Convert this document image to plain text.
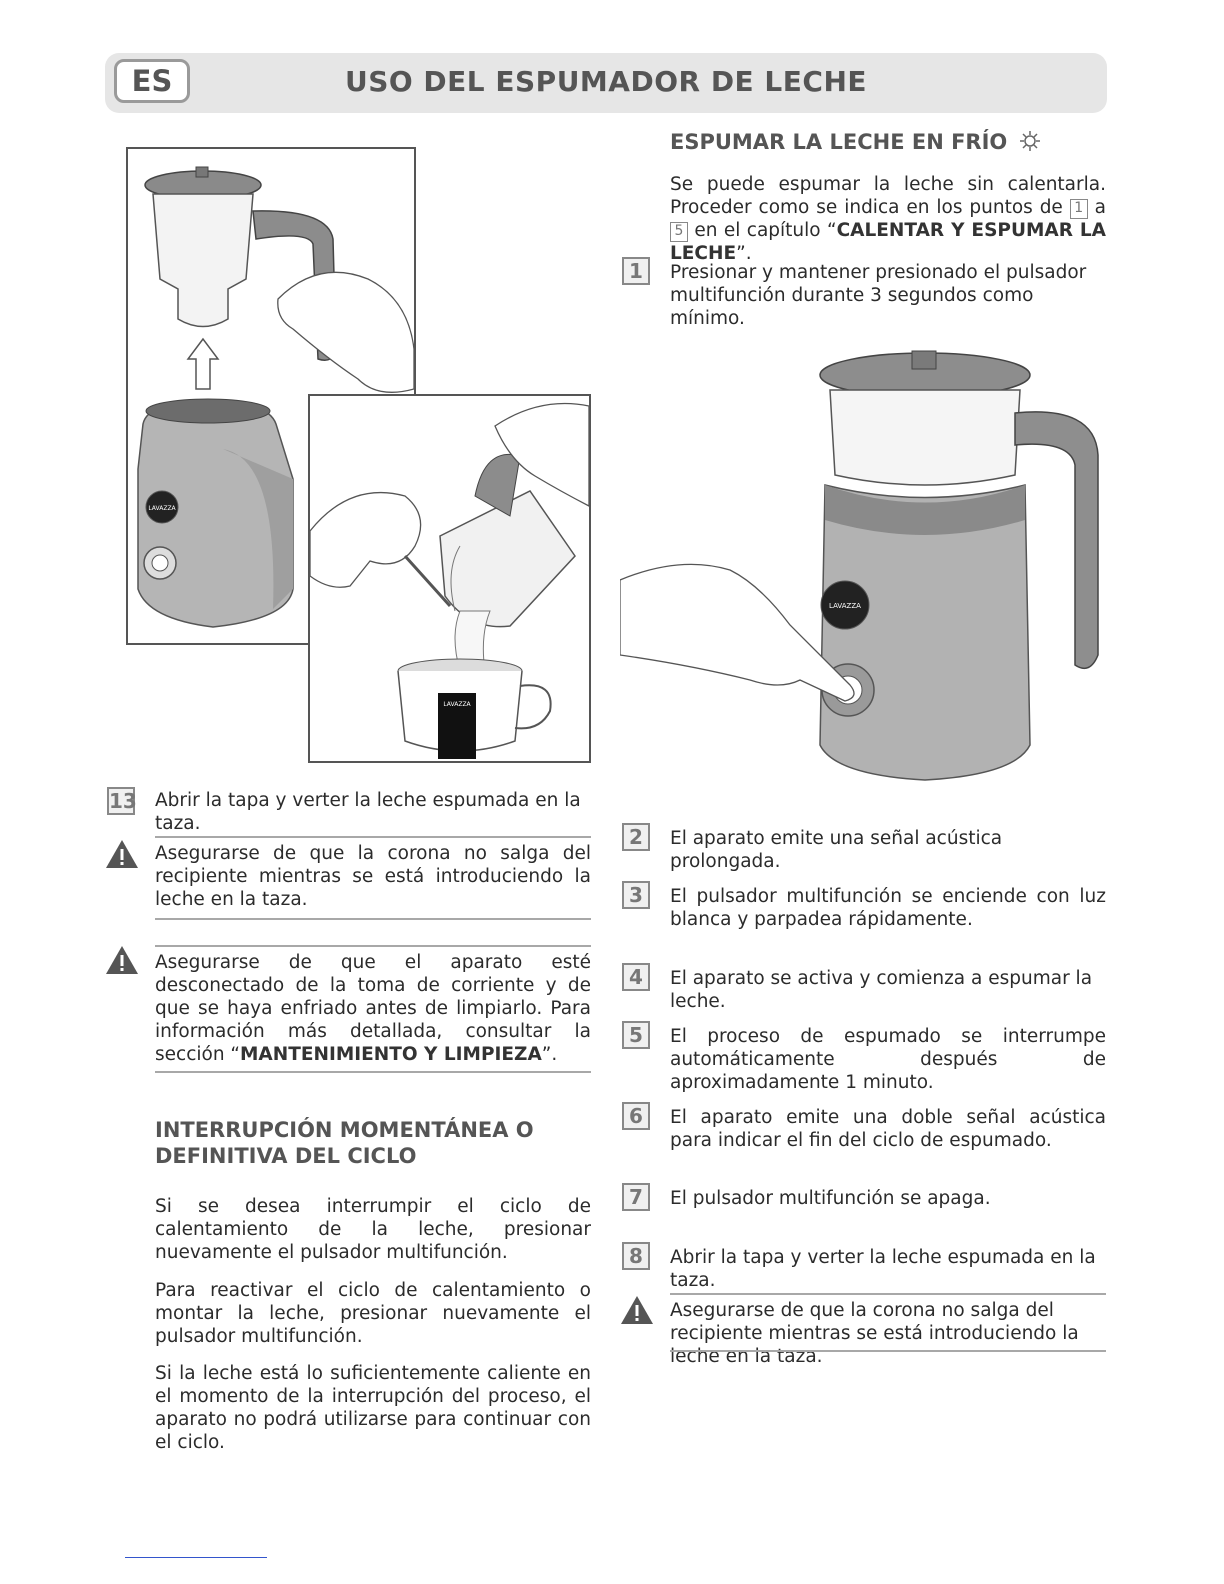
ES	USO DEL ESPUMADOR DE LECHE
LAVAZZA
LAVAZZA
13 Abrir la tapa y verter la leche espumada en la taza.
Asegurarse de que la corona no salga del recipiente mientras se está introduciendo la leche en la taza.
Asegurarse de que el aparato esté desconectado de la toma de corriente y de que se haya enfriado antes de limpiarlo. Para información más detallada, consultar la sección “MANTENIMIENTO Y LIMPIEZA”.
INTERRUPCIÓN MOMENTÁNEA O
DEFINITIVA DEL CICLO
Si se desea interrumpir el ciclo de calentamiento de la leche, presionar nuevamente el pulsador multifunción.
Para reactivar el ciclo de calentamiento o montar la leche, presionar nuevamente el pulsador multifunción.
Si la leche está lo suficientemente caliente en el momento de la interrupción del proceso, el aparato no podrá utilizarse para continuar con el ciclo.
ESPUMAR LA LECHE EN FRÍO
Se puede espumar la leche sin calentarla. Proceder como se indica en los puntos de 1 a 5 en el capítulo “CALENTAR Y ESPUMAR LA LECHE”.
1	Presionar y mantener presionado el pulsador multifunción durante 3 segundos como mínimo.
LAVAZZA
2	El aparato emite una señal acústica prolongada.
3	El pulsador multifunción se enciende con luz blanca y parpadea rápidamente.
4	El aparato se activa y comienza a espumar la leche.
5	El proceso de espumado se interrumpe automáticamente después de aproximadamente 1 minuto.
6	El aparato emite una doble señal acústica para indicar el fin del ciclo de espumado.
7	El pulsador multifunción se apaga.
8	Abrir la tapa y verter la leche espumada en la taza.
Asegurarse de que la corona no salga del recipiente mientras se está introduciendo la leche en la taza.
